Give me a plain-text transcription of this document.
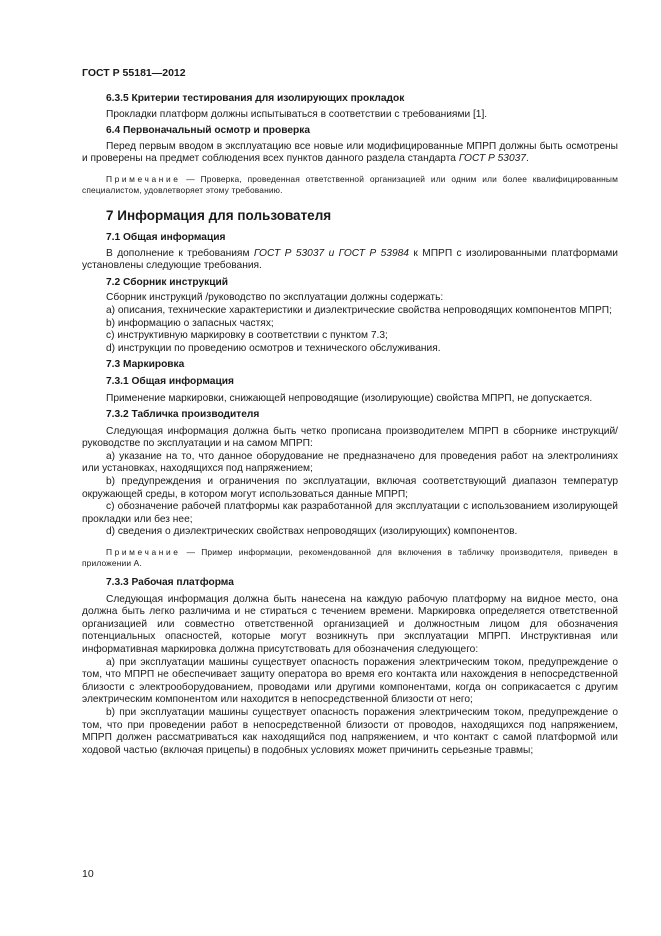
ГОСТ Р 55181—2012

6.3.5 Критерии тестирования для изолирующих прокладок

Прокладки платформ должны испытываться в соответствии с требованиями [1].

6.4 Первоначальный осмотр и проверка

Перед первым вводом в эксплуатацию все новые или модифицированные МПРП должны быть осмотрены и проверены на предмет соблюдения всех пунктов данного раздела стандарта ГОСТ Р 53037.

Примечание — Проверка, проведенная ответственной организацией или одним или более квалифицированным специалистом, удовлетворяет этому требованию.

7 Информация для пользователя

7.1 Общая информация

В дополнение к требованиям ГОСТ Р 53037 и ГОСТ Р 53984 к МПРП с изолированными платформами установлены следующие требования.

7.2 Сборник инструкций

Сборник инструкций /руководство по эксплуатации должны содержать:

а) описания, технические характеристики и диэлектрические свойства непроводящих компонентов МПРП;

b) информацию о запасных частях;

c) инструктивную маркировку в соответствии с пунктом 7.3;

d) инструкции по проведению осмотров и технического обслуживания.

7.3 Маркировка

7.3.1 Общая информация

Применение маркировки, снижающей непроводящие (изолирующие) свойства МПРП, не допускается.

7.3.2 Табличка производителя

Следующая информация должна быть четко прописана производителем МПРП в сборнике инструкций/руководстве по эксплуатации и на самом МПРП:

а) указание на то, что данное оборудование не предназначено для проведения работ на электролиниях или установках, находящихся под напряжением;

b) предупреждения и ограничения по эксплуатации, включая соответствующий диапазон температур окружающей среды, в котором могут использоваться данные МПРП;

c) обозначение рабочей платформы как разработанной для эксплуатации с использованием изолирующей прокладки или без нее;

d) сведения о диэлектрических свойствах непроводящих (изолирующих) компонентов.

Примечание — Пример информации, рекомендованной для включения в табличку производителя, приведен в приложении А.

7.3.3 Рабочая платформа

Следующая информация должна быть нанесена на каждую рабочую платформу на видное место, она должна быть легко различима и не стираться с течением времени. Маркировка определяется ответственной организацией или совместно ответственной организацией и должностным лицом для обозначения потенциальных опасностей, которые могут возникнуть при эксплуатации МПРП. Инструктивная или информативная маркировка должна присутствовать для обозначения следующего:

а) при эксплуатации машины существует опасность поражения электрическим током, предупреждение о том, что МПРП не обеспечивает защиту оператора во время его контакта или нахождения в непосредственной близости с электрооборудованием, проводами или другими компонентами, когда он соприкасается с другим электрическим компонентом или находится в непосредственной близости от него;

b) при эксплуатации машины существует опасность поражения электрическим током, предупреждение о том, что при проведении работ в непосредственной близости от проводов, находящихся под напряжением, МПРП должен рассматриваться как находящийся под напряжением, и что контакт с самой платформой или ходовой частью (включая прицепы) в подобных условиях может причинить серьезные травмы;

10
